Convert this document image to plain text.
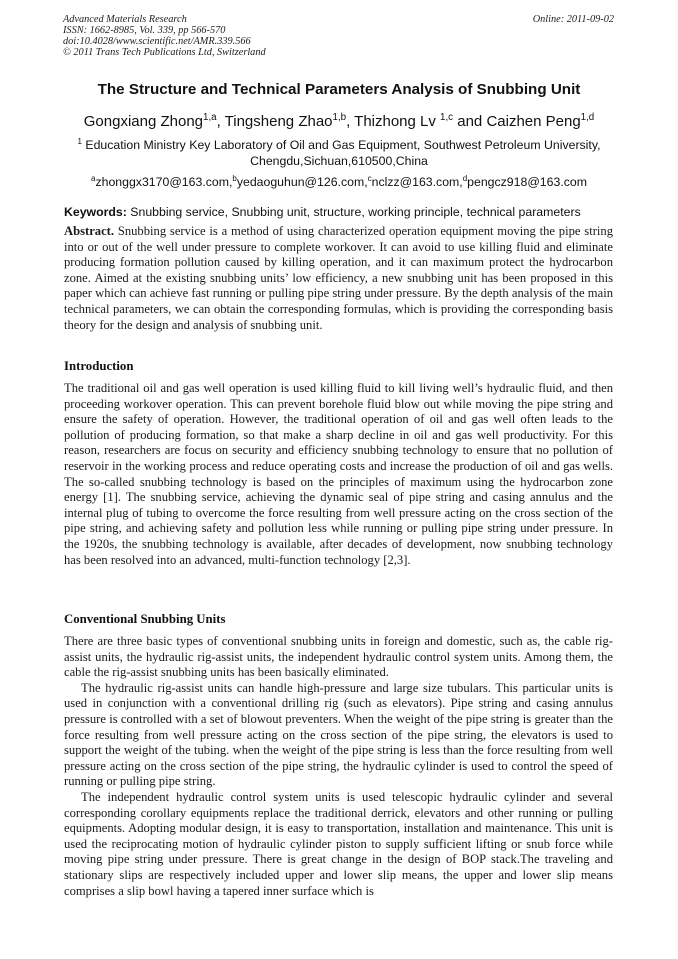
Advanced Materials Research
ISSN: 1662-8985, Vol. 339, pp 566-570
doi:10.4028/www.scientific.net/AMR.339.566
© 2011 Trans Tech Publications Ltd, Switzerland
Online: 2011-09-02
The Structure and Technical Parameters Analysis of Snubbing Unit
Gongxiang Zhong$^{1,a}$, Tingsheng Zhao$^{1,b}$, Thizhong Lv $^{1,c}$ and Caizhen Peng$^{1,d}$
$^1$ Education Ministry Key Laboratory of Oil and Gas Equipment, Southwest Petroleum University,
Chengdu,Sichuan,610500,China
$^a$zhonggx3170@163.com,$^b$yedaoguhun@126.com,$^c$nclzz@163.com,$^d$pengcz918@163.com
Keywords: Snubbing service, Snubbing unit, structure, working principle, technical parameters

Abstract. Snubbing service is a method of using characterized operation equipment moving the pipe string into or out of the well under pressure to complete workover. It can avoid to use killing fluid and eliminate producing formation pollution caused by killing operation, and it can maximum protect the hydrocarbon zone. Aimed at the existing snubbing units’ low efficiency, a new snubbing unit has been proposed in this paper which can achieve fast running or pulling pipe string under pressure. By the depth analysis of the main technical parameters, we can obtain the corresponding formulas, which is providing the corresponding basis theory for the design and analysis of snubbing unit.

Introduction

The traditional oil and gas well operation is used killing fluid to kill living well’s hydraulic fluid, and then proceeding workover operation. This can prevent borehole fluid blow out while moving the pipe string and ensure the safety of operation. However, the traditional operation of oil and gas well often leads to the pollution of producing formation, so that make a sharp decline in oil and gas well productivity. For this reason, researchers are focus on security and efficiency snubbing technology to ensure that no pollution of reservoir in the working process and reduce operating costs and increase the production of oil and gas wells. The so-called snubbing technology is based on the principles of maximum using the hydrocarbon zone energy [1]. The snubbing service, achieving the dynamic seal of pipe string and casing annulus and the internal plug of tubing to overcome the force resulting from well pressure acting on the cross section of the pipe string, and achieving safety and pollution less while running or pulling pipe string under pressure. In the 1920s, the snubbing technology is available, after decades of development, now snubbing technology has been resolved into an advanced, multi-function technology [2,3].

Conventional Snubbing Units

There are three basic types of conventional snubbing units in foreign and domestic, such as, the cable rig-assist units, the hydraulic rig-assist units, the independent hydraulic control system units. Among them, the cable the rig-assist snubbing units has been basically eliminated.

The hydraulic rig-assist units can handle high-pressure and large size tubulars. This particular units is used in conjunction with a conventional drilling rig (such as elevators). Pipe string and casing annulus pressure is controlled with a set of blowout preventers. When the weight of the pipe string is greater than the force resulting from well pressure acting on the cross section of the pipe string, the elevators is used to support the weight of the tubing. when the weight of the pipe string is less than the force resulting from well pressure acting on the cross section of the pipe string, the hydraulic cylinder is used to control the speed of running or pulling pipe string.

The independent hydraulic control system units is used telescopic hydraulic cylinder and several corresponding corollary equipments replace the traditional derrick, elevators and other running or pulling equipments. Adopting modular design, it is easy to transportation, installation and maintenance. This unit is used the reciprocating motion of hydraulic cylinder piston to supply sufficient lifting or snub force while moving pipe string under pressure. There is great change in the design of BOP stack.The traveling and stationary slips are respectively included upper and lower slip means, the upper and lower slip means comprises a slip bowl having a tapered inner surface which is
